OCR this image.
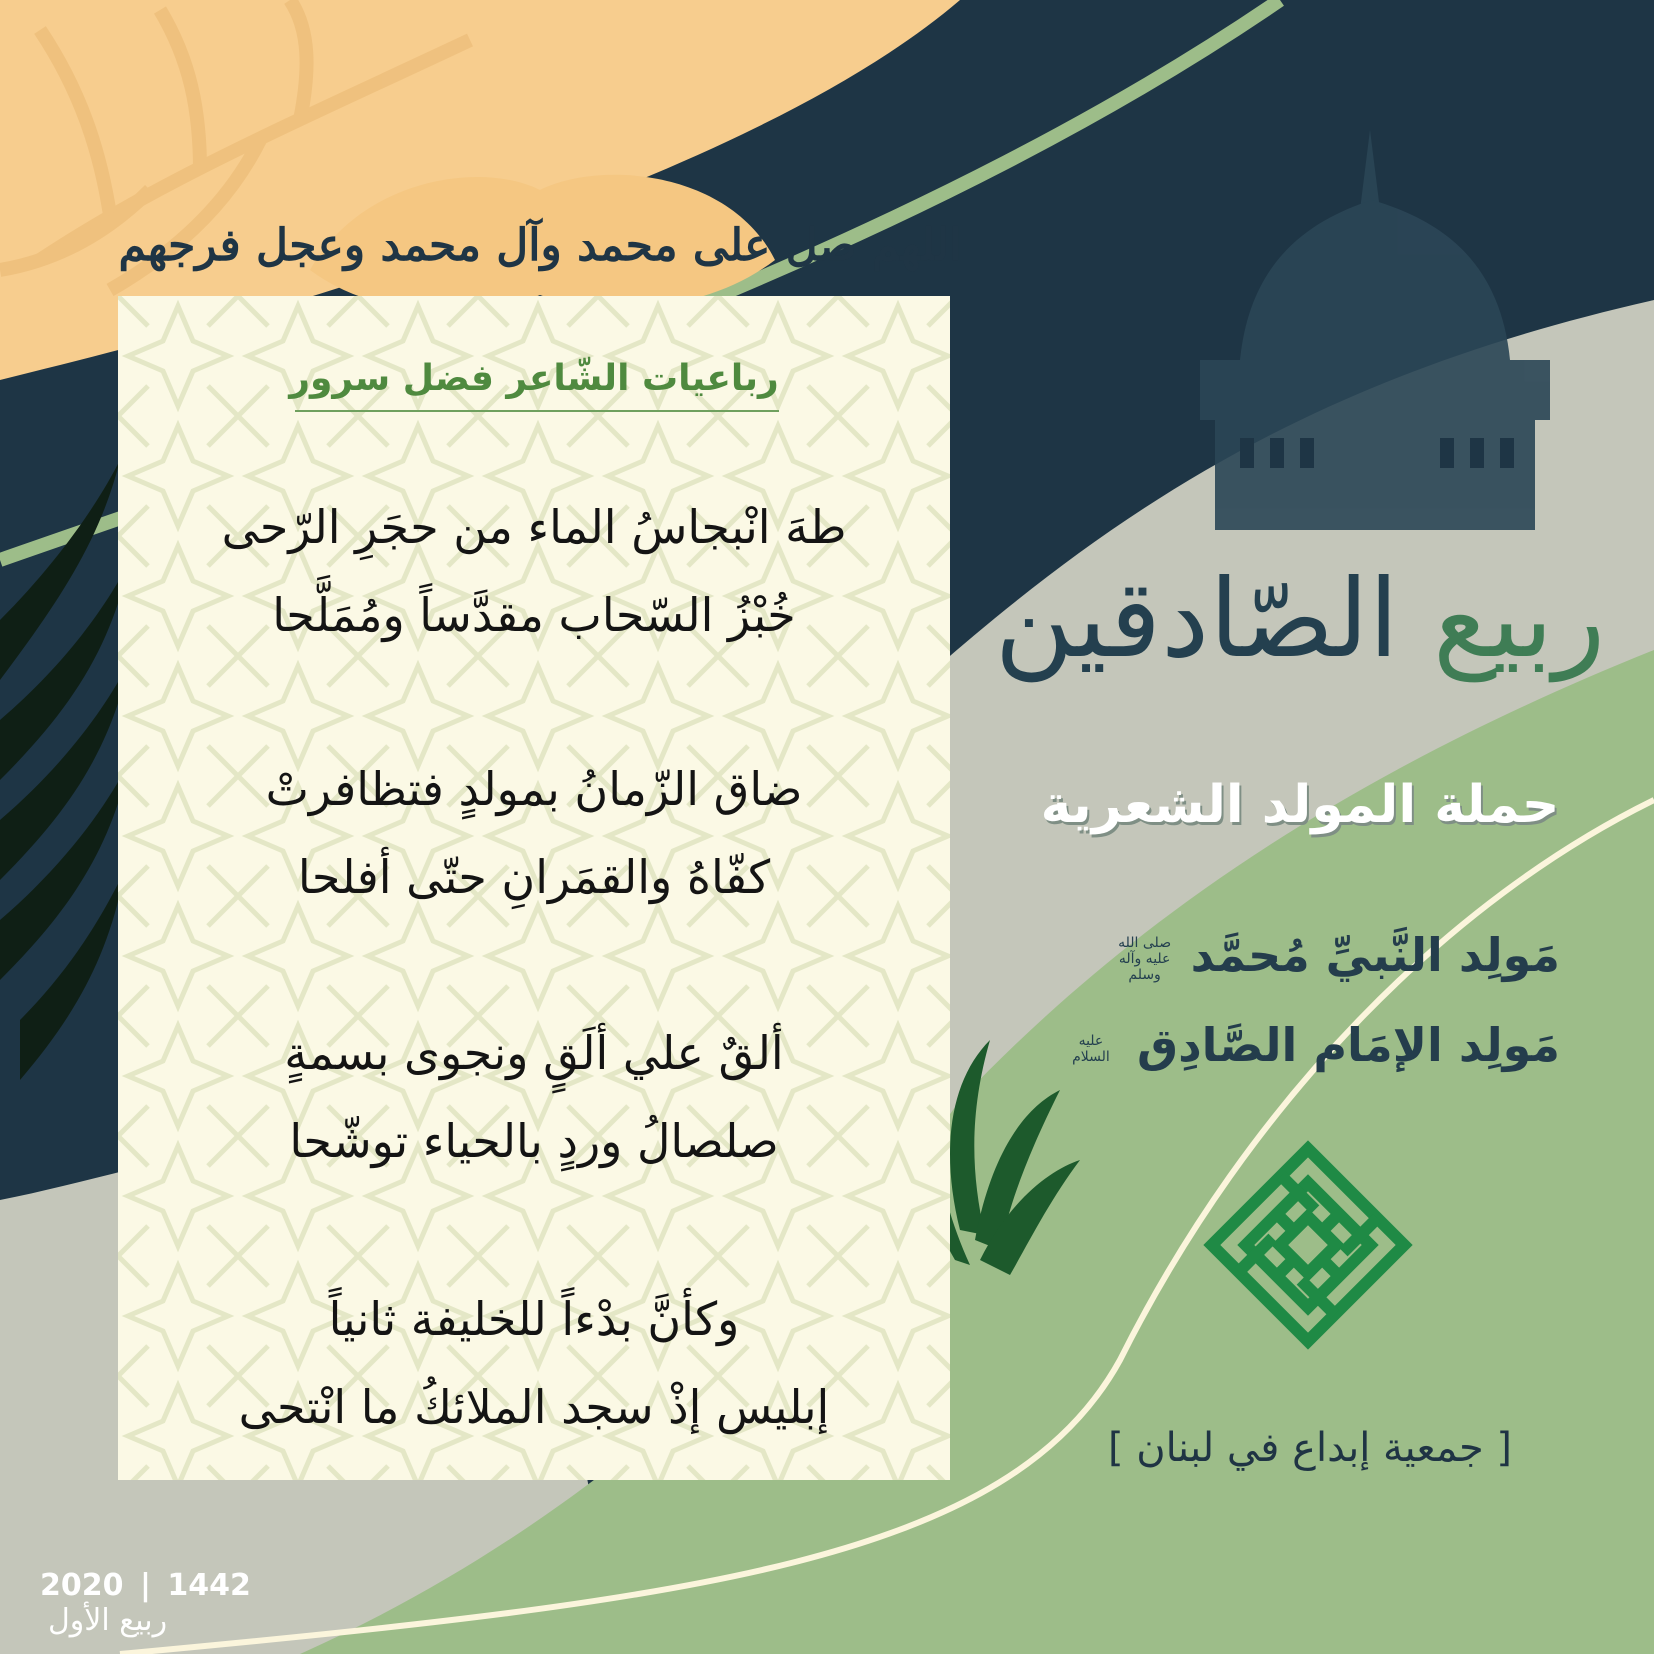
اللهم صل على محمد وآل محمد وعجل فرجهم
رباعيات الشّاعر فضل سرور
طهَ انْبجاسُ الماء من حجَرِ الرّحى
خُبْزُ السّحاب مقدَّساً ومُمَلَّحا
ضاق الزّمانُ بمولدٍ فتظافرتْ
كفّاهُ والقمَرانِ حتّى أفلحا
ألقٌ علي ألَقٍ ونجوى بسمةٍ
صلصالُ وردٍ بالحياء توشّحا
وكأنَّ بدْءاً للخليفة ثانياً
إبليس إذْ سجد الملائكُ ما انْتحى
ربيع الصّادقين
حملة المولد الشعرية
مَولِد النَّبيِّ مُحمَّد صلى الله عليه وآله وسلم
مَولِد الإمَام الصَّادِق عليه السلام
[ جمعية إبداع في لبنان ]
2020 | 1442 ربيع الأول
